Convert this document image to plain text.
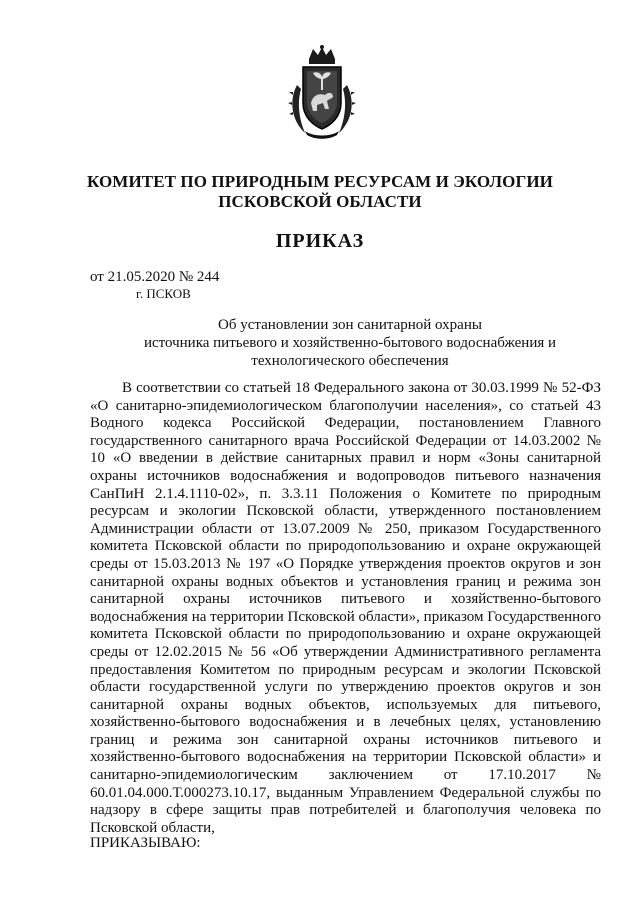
КОМИТЕТ ПО ПРИРОДНЫМ РЕСУРСАМ И ЭКОЛОГИИ
ПСКОВСКОЙ ОБЛАСТИ
ПРИКАЗ
от 21.05.2020 № 244
г. ПСКОВ
Об установлении зон санитарной охраны
источника питьевого и хозяйственно-бытового водоснабжения и
технологического обеспечения

В соответствии со статьей 18 Федерального закона от 30.03.1999 № 52-ФЗ «О санитарно-эпидемиологическом благополучии населения», со статьей 43 Водного кодекса Российской Федерации, постановлением Главного государственного санитарного врача Российской Федерации от 14.03.2002 № 10 «О введении в действие санитарных правил и норм «Зоны санитарной охраны источников водоснабжения и водопроводов питьевого назначения СанПиН 2.1.4.1110-02», п. 3.3.11 Положения о Комитете по природным ресурсам и экологии Псковской области, утвержденного постановлением Администрации области от 13.07.2009 № 250, приказом Государственного комитета Псковской области по природопользованию и охране окружающей среды от 15.03.2013 № 197 «О Порядке утверждения проектов округов и зон санитарной охраны водных объектов и установления границ и режима зон санитарной охраны источников питьевого и хозяйственно-бытового водоснабжения на территории Псковской области», приказом Государственного комитета Псковской области по природопользованию и охране окружающей среды от 12.02.2015 № 56 «Об утверждении Административного регламента предоставления Комитетом по природным ресурсам и экологии Псковской области государственной услуги по утверждению проектов округов и зон санитарной охраны водных объектов, используемых для питьевого, хозяйственно-бытового водоснабжения и в лечебных целях, установлению границ и режима зон санитарной охраны источников питьевого и хозяйственно-бытового водоснабжения на территории Псковской области» и санитарно-эпидемиологическим заключением от 17.10.2017 № 60.01.04.000.Т.000273.10.17, выданным Управлением Федеральной службы по надзору в сфере защиты прав потребителей и благополучия человека по Псковской области,

ПРИКАЗЫВАЮ:
